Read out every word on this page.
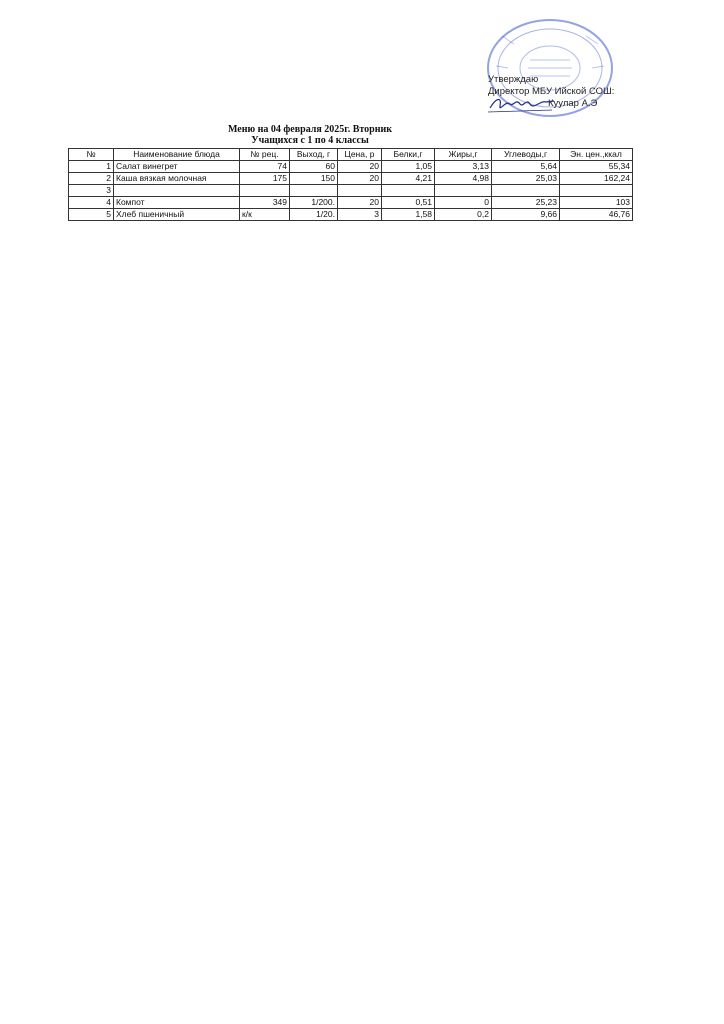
Утверждаю
Директор МБУ Ийской СОШ:
Куулар А.Э
Меню на 04 февраля 2025г. Вторник
Учащихся с 1 по 4 классы
№	Наименование блюда	№ рец.	Выход, г	Цена, р	Белки,г	Жиры,г	Углеводы,г	Эн. цен.,ккал
1	Салат винегрет	74	60	20	1,05	3,13	5,64	55,34
2	Каша вязкая молочная	175	150	20	4,21	4,98	25,03	162,24
3								
4	Компот	349	1/200.	20	0,51	0	25,23	103
5	Хлеб пшеничный	к/к	1/20.	3	1,58	0,2	9,66	46,76
